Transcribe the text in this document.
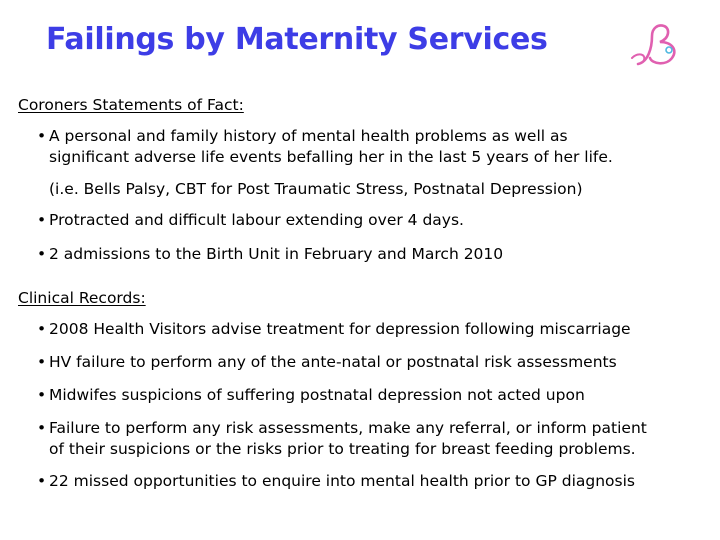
Failings by Maternity Services

Coroners Statements of Fact:

• A personal and family history of mental health problems as well as
significant adverse life events befalling her in the last 5 years of her life.

(i.e. Bells Palsy, CBT for Post Traumatic Stress, Postnatal Depression)

• Protracted and difficult labour extending over 4 days.

• 2 admissions to the Birth Unit in February and March 2010

Clinical Records:

• 2008 Health Visitors advise treatment for depression following miscarriage

• HV failure to perform any of the ante-natal or postnatal risk assessments

• Midwifes suspicions of suffering postnatal depression not acted upon

• Failure to perform any risk assessments, make any referral, or inform patient
of their suspicions or the risks prior to treating for breast feeding problems.

• 22 missed opportunities to enquire into mental health prior to GP diagnosis
